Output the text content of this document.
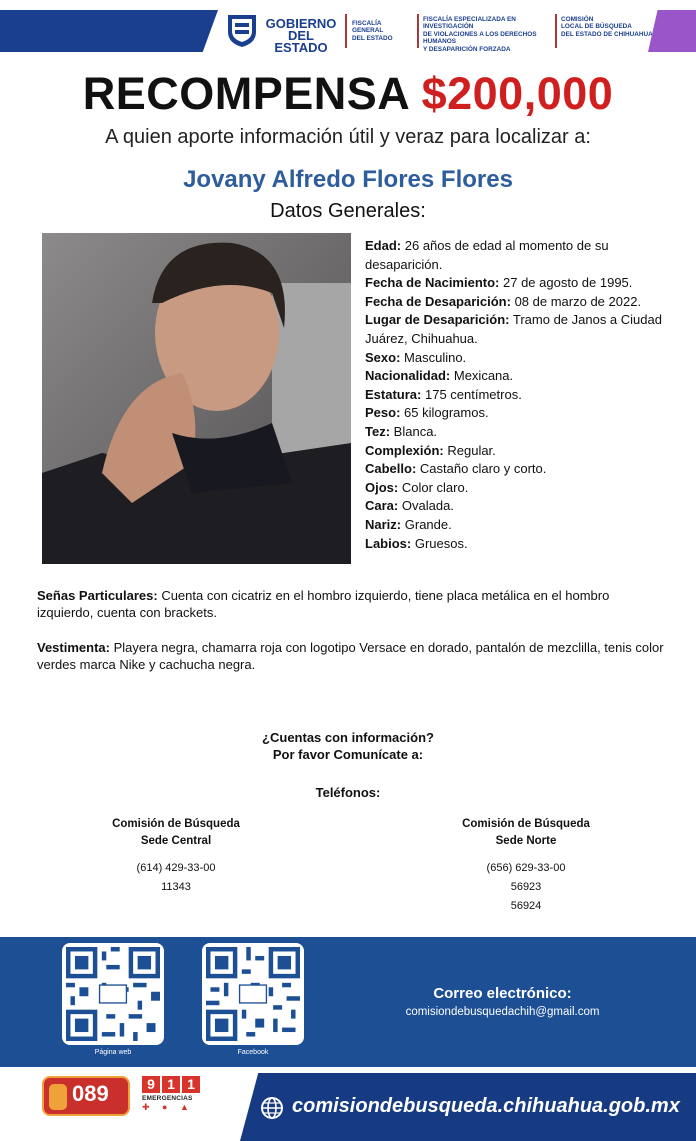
GOBIERNO
DEL ESTADO
FISCALÍA GENERAL
DEL ESTADO
FISCALÍA ESPECIALIZADA EN INVESTIGACIÓN
DE VIOLACIONES A LOS DERECHOS HUMANOS
Y DESAPARICIÓN FORZADA
COMISIÓN
LOCAL DE BÚSQUEDA
DEL ESTADO DE CHIHUAHUA
RECOMPENSA $200,000
A quien aporte información útil y veraz para localizar a:
Jovany Alfredo Flores Flores
Datos Generales:
Edad: 26 años de edad al momento de su desaparición.
Fecha de Nacimiento: 27 de agosto de 1995.
Fecha de Desaparición: 08 de marzo de 2022.
Lugar de Desaparición: Tramo de Janos a Ciudad Juárez, Chihuahua.
Sexo: Masculino.
Nacionalidad: Mexicana.
Estatura: 175 centímetros.
Peso: 65 kilogramos.
Tez: Blanca.
Complexión: Regular.
Cabello: Castaño claro y corto.
Ojos: Color claro.
Cara: Ovalada.
Nariz: Grande.
Labios: Gruesos.
Señas Particulares: Cuenta con cicatriz en el hombro izquierdo, tiene placa metálica en el hombro izquierdo, cuenta con brackets.
Vestimenta: Playera negra, chamarra roja con logotipo Versace en dorado, pantalón de mezclilla, tenis color verdes marca Nike y cachucha negra.
¿Cuentas con información?
Por favor Comunícate a:
Teléfonos:
Comisión de Búsqueda
Sede Central
(614) 429-33-00
11343
Comisión de Búsqueda
Sede Norte
(656) 629-33-00
56923
56924
Página web	Facebook
Correo electrónico:
comisiondebusquedachih@gmail.com
089	9 1 1
EMERGENCIAS
✚ ● ▲	comisiondebusqueda.chihuahua.gob.mx
